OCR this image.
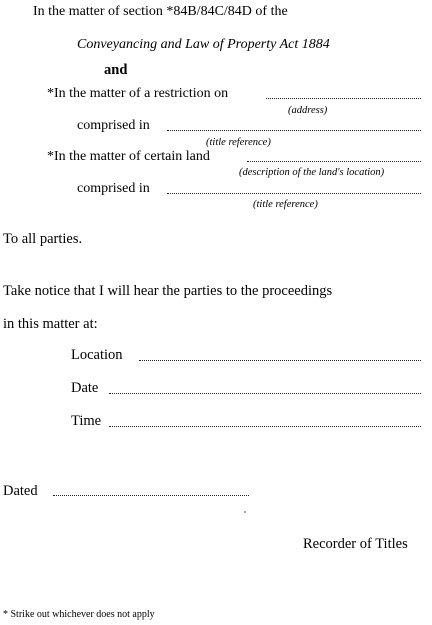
In the matter of section *84B/84C/84D of the
Conveyancing and Law of Property Act 1884
and
*In the matter of a restriction on
(address)
comprised in
(title reference)
*In the matter of certain land
(description of the land's location)
comprised in
(title reference)
To all parties.
Take notice that I will hear the parties to the proceedings
in this matter at:
Location
Date
Time
Dated
Recorder of Titles
* Strike out whichever does not apply
